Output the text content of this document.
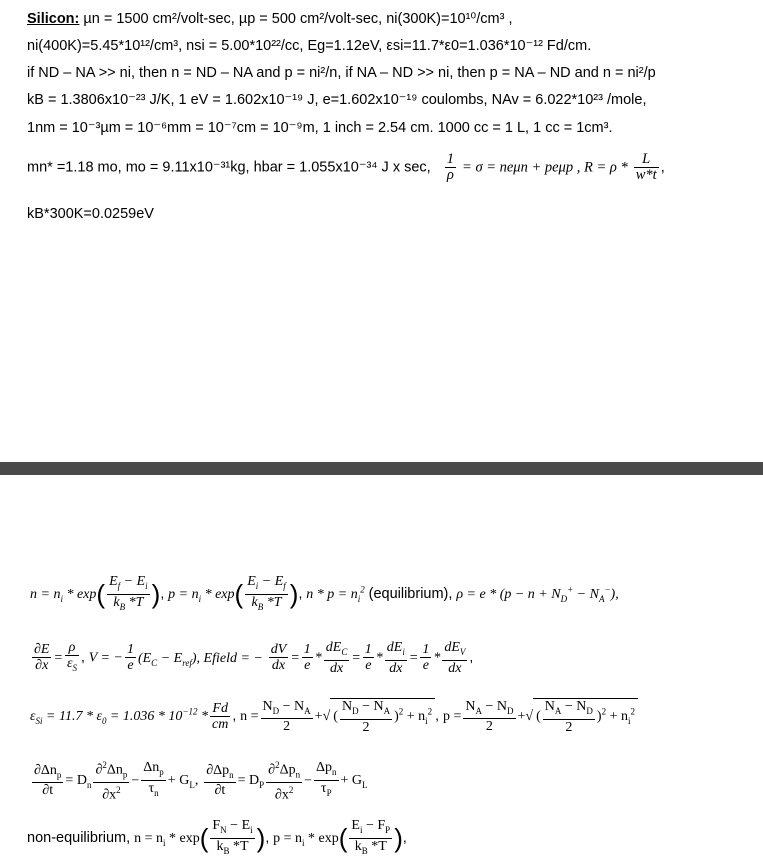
Silicon: µn = 1500 cm²/volt-sec, µp = 500 cm²/volt-sec, ni(300K)=10¹⁰/cm³ ,
ni(400K)=5.45*10¹²/cm³, nsi = 5.00*10²²/cc, Eg=1.12eV, εsi=11.7*ε0=1.036*10⁻¹² Fd/cm.
if ND – NA >> ni, then n = ND – NA and p = ni²/n, if NA – ND >> ni, then p = NA – ND and n = ni²/p
kB = 1.3806x10⁻²³ J/K, 1 eV = 1.602x10⁻¹⁹ J, e=1.602x10⁻¹⁹ coulombs, NAv = 6.022*10²³ /mole,
1nm = 10⁻³µm = 10⁻⁶mm = 10⁻⁷cm = 10⁻⁹m, 1 inch = 2.54 cm. 1000 cc = 1 L, 1 cc = 1cm³.
mn* =1.18 mo, mo = 9.11x10⁻³¹kg, hbar = 1.055x10⁻³⁴ J x sec, $\frac{1}{\rho} = \sigma = ne\mu n + pe\mu p$ , $R = \rho * \frac{L}{w*t}$ ,
kB*300K=0.0259eV
$n = n_i * \exp( \frac{E_f - E_i}{k_B *T}$ ), $p = n_i * \exp( \frac{E_i - E_f}{k_B *T}$ ), $n * p = n_i^2$ (equilibrium), $\rho = e * (p - n + N_D^+ - N_A^-)$,
$\frac{\partial E}{\partial x} = \frac{\rho}{\varepsilon_S}$ , V = − $\frac{1}{e} (E_C - E_{ref})$, Efield = − $\frac{dV}{dx} = \frac{1}{e} * \frac{dE_C}{dx} = \frac{1}{e} * \frac{dE_i}{dx} = \frac{1}{e} * \frac{dE_V}{dx}$ ,
$\varepsilon_{Si} = 11.7 * \varepsilon_0 = 1.036 * 10^{-12} * \frac{Fd}{cm}$ , $n = \frac{N_D - N_A}{2}$ +√ ( $\frac{N_D - N_A}{2} )^2 + n_i^2$ , $p = \frac{N_A - N_D}{2}$ +√ ( $\frac{N_A - N_D}{2} )^2 + n_i^2$
$\frac{\partial\Delta n_p}{\partial t} = D_n \frac{\partial^2\Delta n_p}{\partial x^2} - \frac{\Delta n_p}{\tau_n} + G_L$, $\frac{\partial\Delta p_n}{\partial t} = D_P \frac{\partial^2\Delta p_n}{\partial x^2} - \frac{\Delta p_n}{\tau_P} + G_L$
non-equilibrium, $n = n_i * \exp( \frac{F_N - E_i}{k_B *T}$ ), $p = n_i * \exp( \frac{E_i - F_P}{k_B *T}$ ),
